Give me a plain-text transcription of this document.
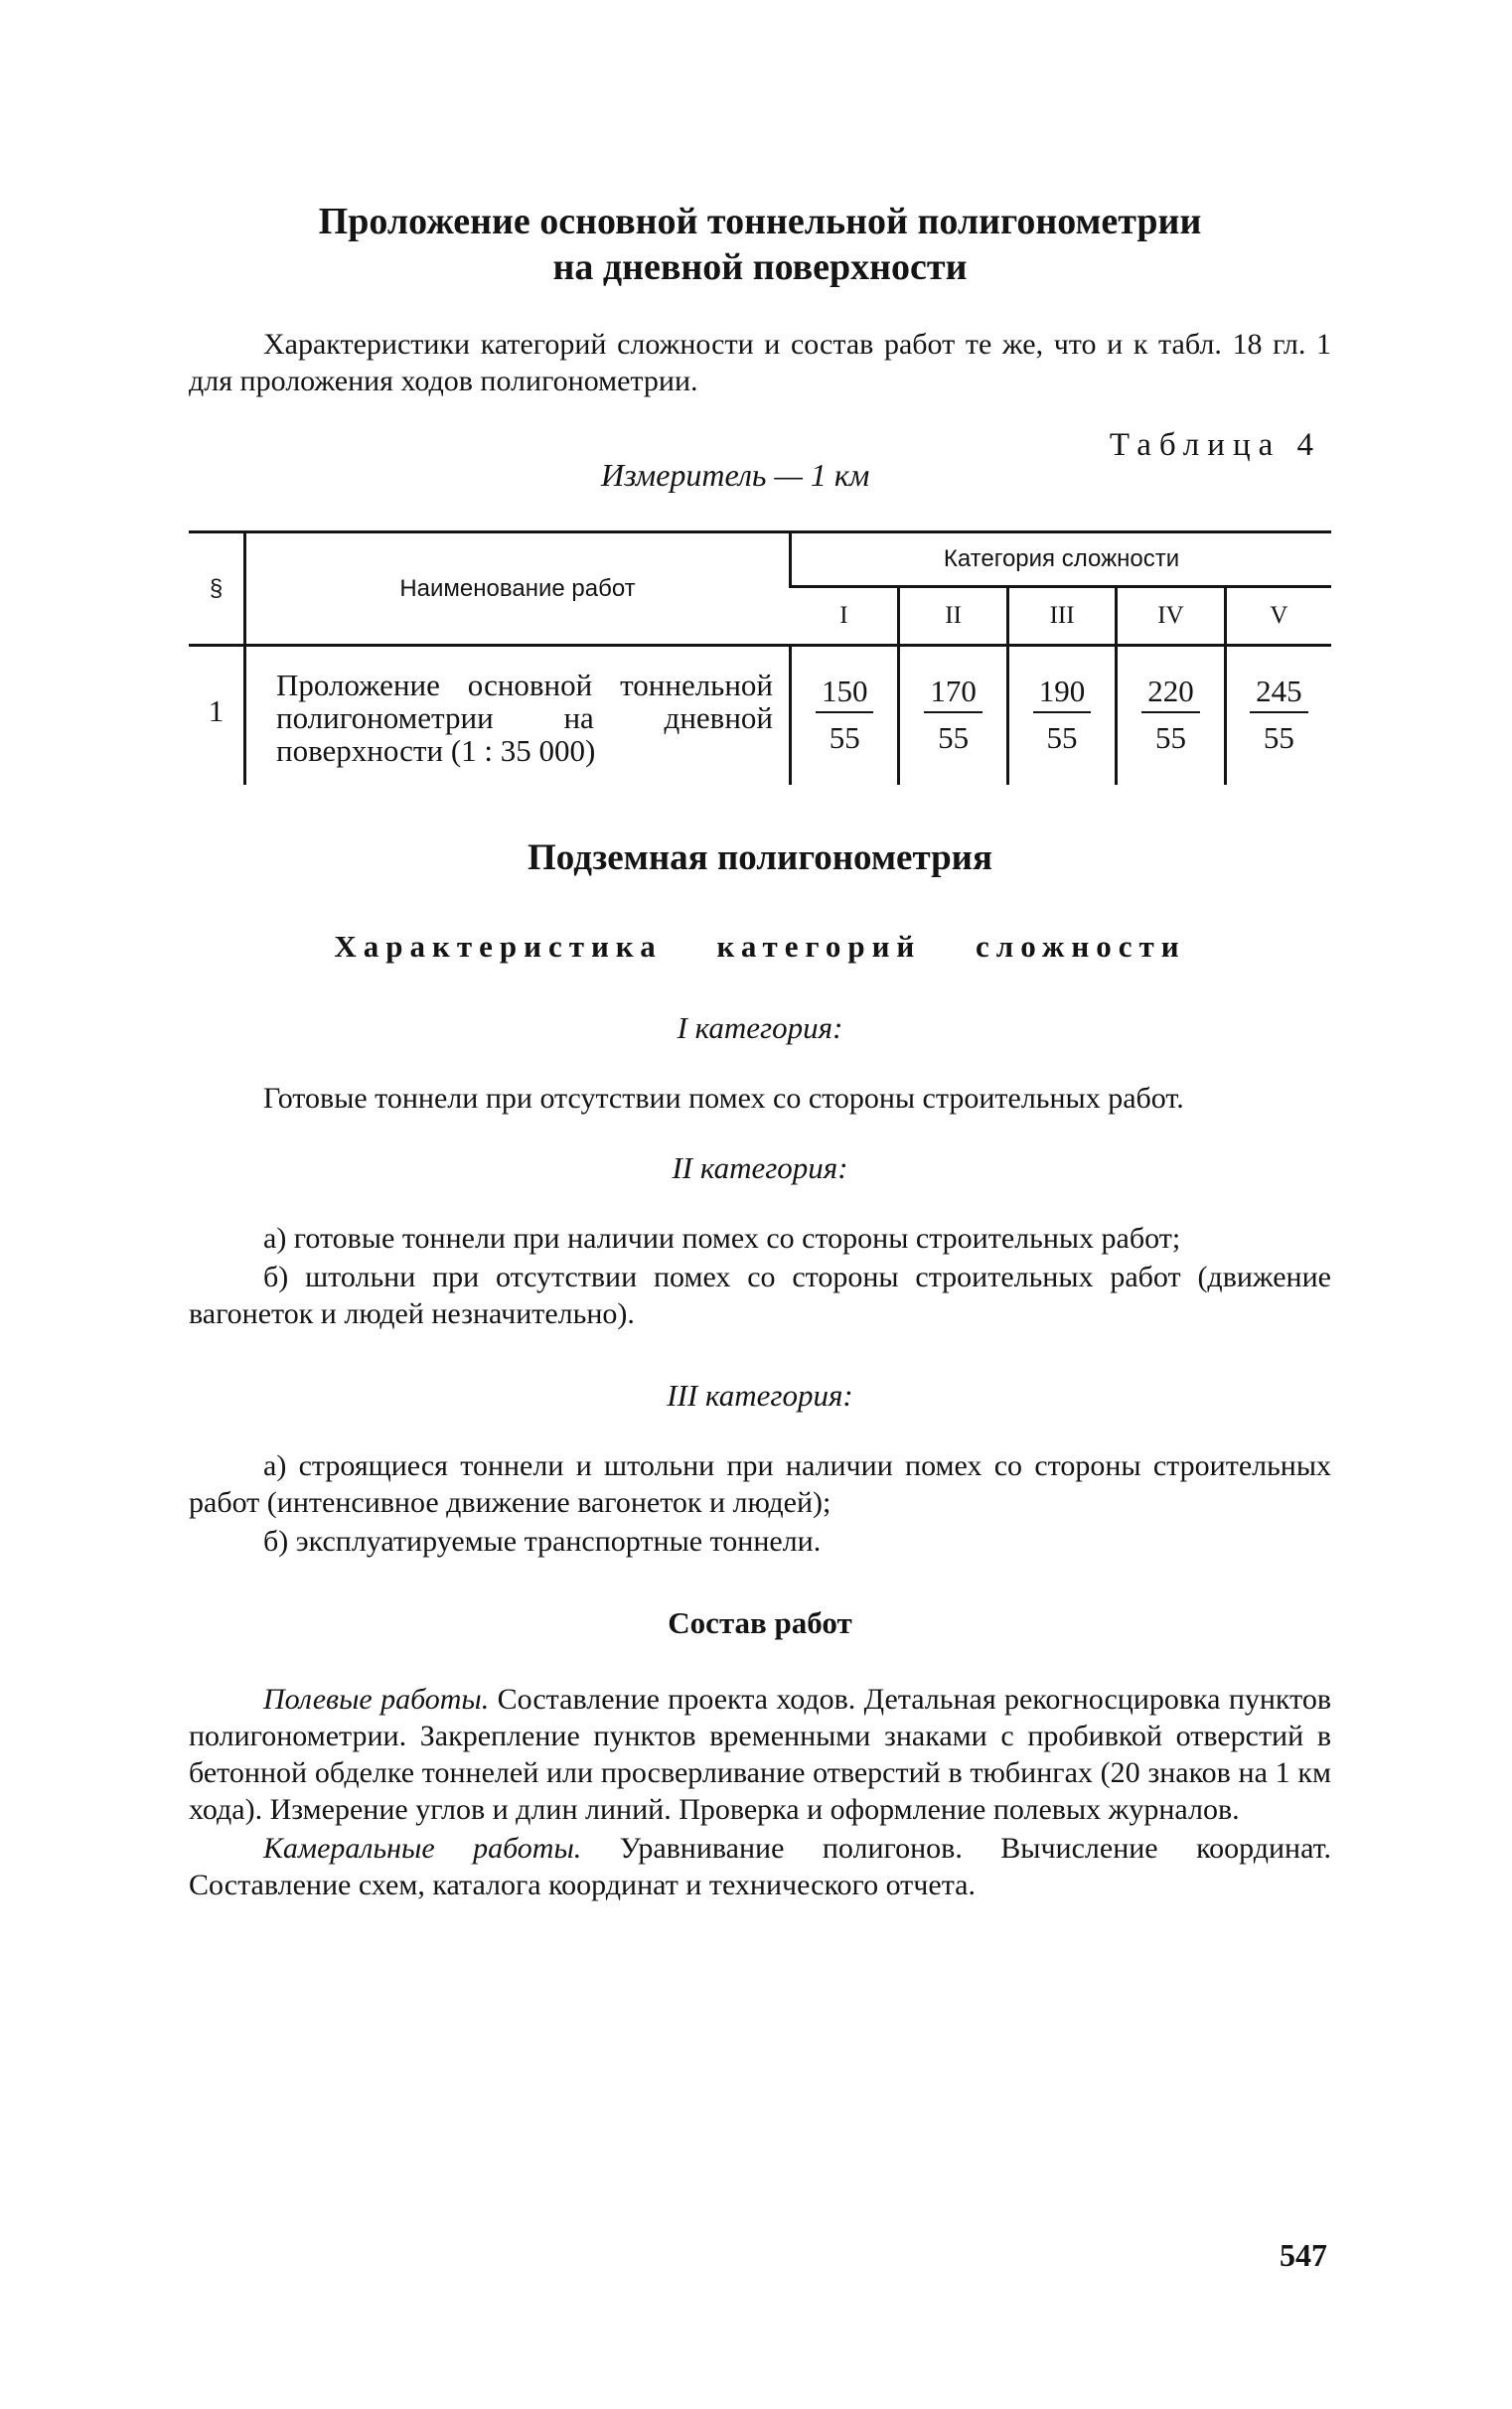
Проложение основной тоннельной полигонометрии
на дневной поверхности

Характеристики категорий сложности и состав работ те же, что и к табл. 18 гл. 1 для проложения ходов полигонометрии.

Таблица 4
Измеритель — 1 км
§	Наименование работ	Категория сложности				
		I	II	III	IV	V
1	Проложение основной тоннельной полигонометрии на дневной поверхности (1 : 35 000)	$\frac{150}{55}$	$\frac{170}{55}$	$\frac{190}{55}$	$\frac{220}{55}$	$\frac{245}{55}$
Подземная полигонометрия
Характеристика категорий сложности

I категория:

Готовые тоннели при отсутствии помех со стороны строительных работ.

II категория:

а) готовые тоннели при наличии помех со стороны строительных работ;

б) штольни при отсутствии помех со стороны строительных работ (движение вагонеток и людей незначительно).

III категория:

а) строящиеся тоннели и штольни при наличии помех со стороны строительных работ (интенсивное движение вагонеток и людей);

б) эксплуатируемые транспортные тоннели.

Состав работ

Полевые работы. Составление проекта ходов. Детальная рекогносцировка пунктов полигонометрии. Закрепление пунктов временными знаками с пробивкой отверстий в бетонной обделке тоннелей или просверливание отверстий в тюбингах (20 знаков на 1 км хода). Измерение углов и длин линий. Проверка и оформление полевых журналов.

Камеральные работы. Уравнивание полигонов. Вычисление координат. Составление схем, каталога координат и технического отчета.

547
